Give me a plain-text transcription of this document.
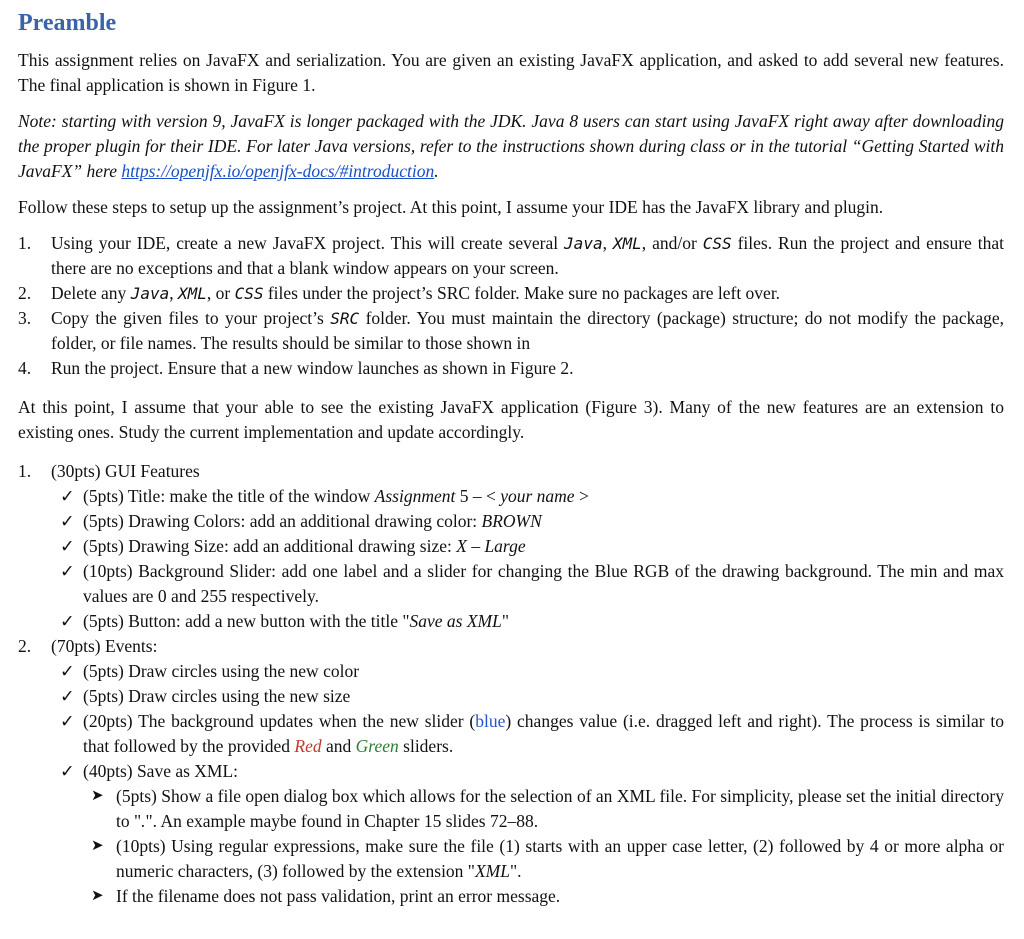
Preamble

This assignment relies on JavaFX and serialization. You are given an existing JavaFX application, and asked to add several new features. The final application is shown in Figure 1.

Note: starting with version 9, JavaFX is longer packaged with the JDK. Java 8 users can start using JavaFX right away after downloading the proper plugin for their IDE. For later Java versions, refer to the instructions shown during class or in the tutorial “Getting Started with JavaFX” here https://openjfx.io/openjfx-docs/#introduction.

Follow these steps to setup up the assignment’s project. At this point, I assume your IDE has the JavaFX library and plugin.

1. Using your IDE, create a new JavaFX project. This will create several Java, XML, and/or CSS files. Run the project and ensure that there are no exceptions and that a blank window appears on your screen.
2. Delete any Java, XML, or CSS files under the project’s SRC folder. Make sure no packages are left over.
3. Copy the given files to your project’s SRC folder. You must maintain the directory (package) structure; do not modify the package, folder, or file names. The results should be similar to those shown in
4. Run the project. Ensure that a new window launches as shown in Figure 2.

At this point, I assume that your able to see the existing JavaFX application (Figure 3). Many of the new features are an extension to existing ones. Study the current implementation and update accordingly.

1. (30pts) GUI Features
✓ (5pts) Title: make the title of the window Assignment 5 – < your name >
✓ (5pts) Drawing Colors: add an additional drawing color: BROWN
✓ (5pts) Drawing Size: add an additional drawing size: X – Large
✓ (10pts) Background Slider: add one label and a slider for changing the Blue RGB of the drawing background. The min and max values are 0 and 255 respectively.
✓ (5pts) Button: add a new button with the title "Save as XML"
2. (70pts) Events:
✓ (5pts) Draw circles using the new color
✓ (5pts) Draw circles using the new size
✓ (20pts) The background updates when the new slider (blue) changes value (i.e. dragged left and right). The process is similar to that followed by the provided Red and Green sliders.
✓ (40pts) Save as XML:
➤ (5pts) Show a file open dialog box which allows for the selection of an XML file. For simplicity, please set the initial directory to ".". An example maybe found in Chapter 15 slides 72–88.
➤ (10pts) Using regular expressions, make sure the file (1) starts with an upper case letter, (2) followed by 4 or more alpha or numeric characters, (3) followed by the extension "XML".
➤ If the filename does not pass validation, print an error message.
